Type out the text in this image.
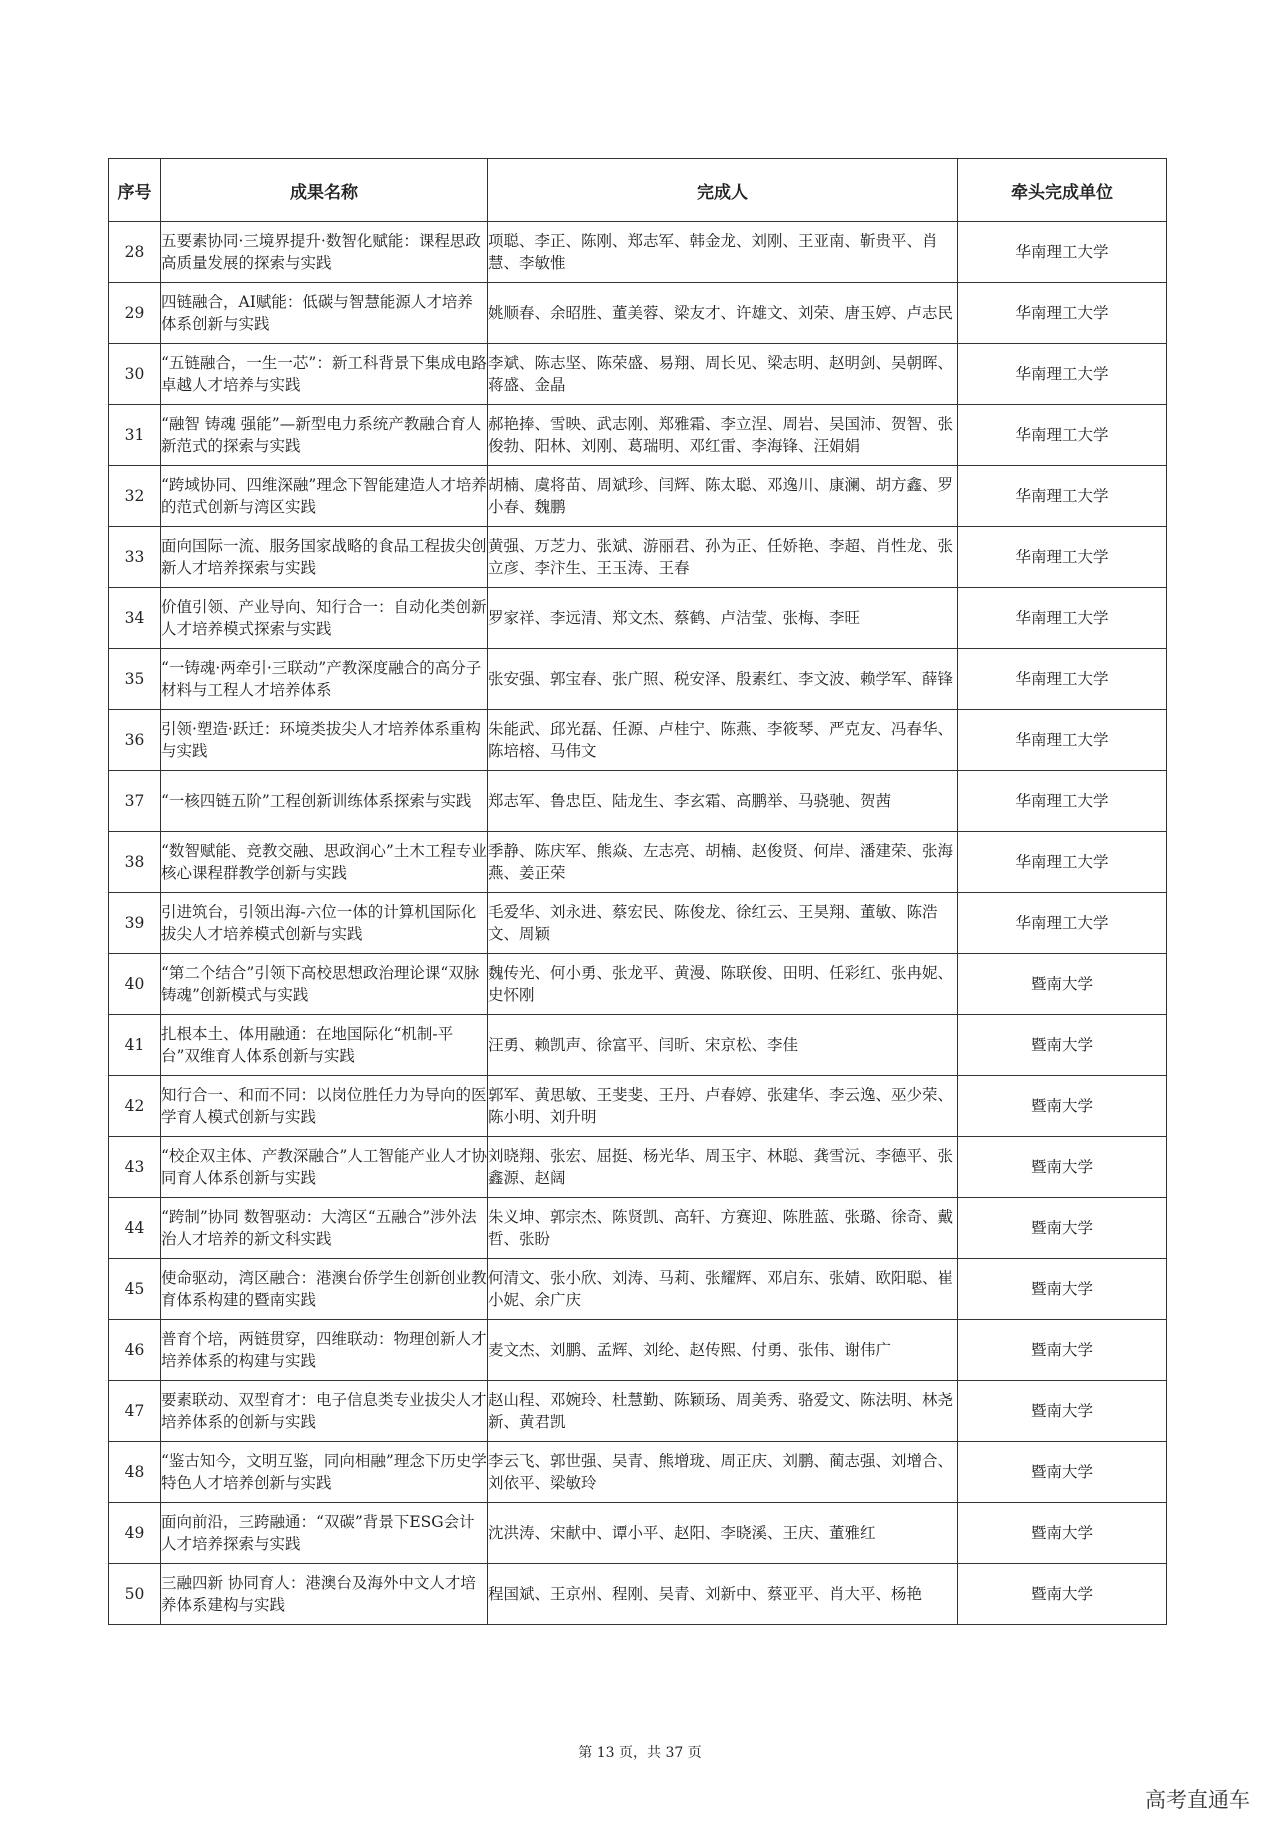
序号	成果名称	完成人	牵头完成单位
28	五要素协同·三境界提升·数智化赋能：课程思政高质量发展的探索与实践	项聪、李正、陈刚、郑志军、韩金龙、刘刚、王亚南、靳贵平、肖慧、李敏惟	华南理工大学
29	四链融合，AI赋能：低碳与智慧能源人才培养体系创新与实践	姚顺春、余昭胜、董美蓉、梁友才、许雄文、刘荣、唐玉婷、卢志民	华南理工大学
30	“五链融合，一生一芯”：新工科背景下集成电路卓越人才培养与实践	李斌、陈志坚、陈荣盛、易翔、周长见、梁志明、赵明剑、吴朝晖、蒋盛、金晶	华南理工大学
31	“融智 铸魂 强能”—新型电力系统产教融合育人新范式的探索与实践	郝艳捧、雪映、武志刚、郑雅霜、李立涅、周岩、吴国沛、贺智、张俊勃、阳林、刘刚、葛瑞明、邓红雷、李海锋、汪娟娟	华南理工大学
32	“跨域协同、四维深融”理念下智能建造人才培养的范式创新与湾区实践	胡楠、虞将苗、周斌珍、闫辉、陈太聪、邓逸川、康澜、胡方鑫、罗小春、魏鹏	华南理工大学
33	面向国际一流、服务国家战略的食品工程拔尖创新人才培养探索与实践	黄强、万芝力、张斌、游丽君、孙为正、任娇艳、李超、肖性龙、张立彦、李汴生、王玉涛、王春	华南理工大学
34	价值引领、产业导向、知行合一：自动化类创新人才培养模式探索与实践	罗家祥、李远清、郑文杰、蔡鹤、卢洁莹、张梅、李旺	华南理工大学
35	“一铸魂·两牵引·三联动”产教深度融合的高分子材料与工程人才培养体系	张安强、郭宝春、张广照、税安泽、殷素红、李文波、赖学军、薛锋	华南理工大学
36	引领·塑造·跃迁：环境类拔尖人才培养体系重构与实践	朱能武、邱光磊、任源、卢桂宁、陈燕、李筱琴、严克友、冯春华、陈培榕、马伟文	华南理工大学
37	“一核四链五阶”工程创新训练体系探索与实践	郑志军、鲁忠臣、陆龙生、李玄霜、高鹏举、马骁驰、贺茜	华南理工大学
38	“数智赋能、竞教交融、思政润心”土木工程专业核心课程群教学创新与实践	季静、陈庆军、熊焱、左志亮、胡楠、赵俊贤、何岸、潘建荣、张海燕、姜正荣	华南理工大学
39	引进筑台，引领出海-六位一体的计算机国际化拔尖人才培养模式创新与实践	毛爱华、刘永进、蔡宏民、陈俊龙、徐红云、王昊翔、董敏、陈浩文、周颖	华南理工大学
40	“第二个结合”引领下高校思想政治理论课“双脉铸魂”创新模式与实践	魏传光、何小勇、张龙平、黄漫、陈联俊、田明、任彩红、张冉妮、史怀刚	暨南大学
41	扎根本土、体用融通：在地国际化“机制-平台”双维育人体系创新与实践	汪勇、赖凯声、徐富平、闫昕、宋京松、李佳	暨南大学
42	知行合一、和而不同：以岗位胜任力为导向的医学育人模式创新与实践	郭军、黄思敏、王斐斐、王丹、卢春婷、张建华、李云逸、巫少荣、陈小明、刘升明	暨南大学
43	“校企双主体、产教深融合”人工智能产业人才协同育人体系创新与实践	刘晓翔、张宏、屈挺、杨光华、周玉宇、林聪、龚雪沅、李德平、张鑫源、赵阔	暨南大学
44	“跨制”协同 数智驱动：大湾区“五融合”涉外法治人才培养的新文科实践	朱义坤、郭宗杰、陈贤凯、高轩、方赛迎、陈胜蓝、张璐、徐奇、戴哲、张盼	暨南大学
45	使命驱动，湾区融合：港澳台侨学生创新创业教育体系构建的暨南实践	何清文、张小欣、刘涛、马莉、张耀辉、邓启东、张婧、欧阳聪、崔小妮、余广庆	暨南大学
46	普育个培，两链贯穿，四维联动：物理创新人才培养体系的构建与实践	麦文杰、刘鹏、孟辉、刘纶、赵传熙、付勇、张伟、谢伟广	暨南大学
47	要素联动、双型育才：电子信息类专业拔尖人才培养体系的创新与实践	赵山程、邓婉玲、杜慧勤、陈颖玚、周美秀、骆爱文、陈法明、林尧新、黄君凯	暨南大学
48	“鉴古知今，文明互鉴，同向相融”理念下历史学特色人才培养创新与实践	李云飞、郭世强、吴青、熊增珑、周正庆、刘鹏、蔺志强、刘增合、刘依平、梁敏玲	暨南大学
49	面向前沿，三跨融通：“双碳”背景下ESG会计人才培养探索与实践	沈洪涛、宋献中、谭小平、赵阳、李晓溪、王庆、董雅红	暨南大学
50	三融四新 协同育人：港澳台及海外中文人才培养体系建构与实践	程国斌、王京州、程刚、吴青、刘新中、蔡亚平、肖大平、杨艳	暨南大学
第 13 页，共 37 页
高考直通车
